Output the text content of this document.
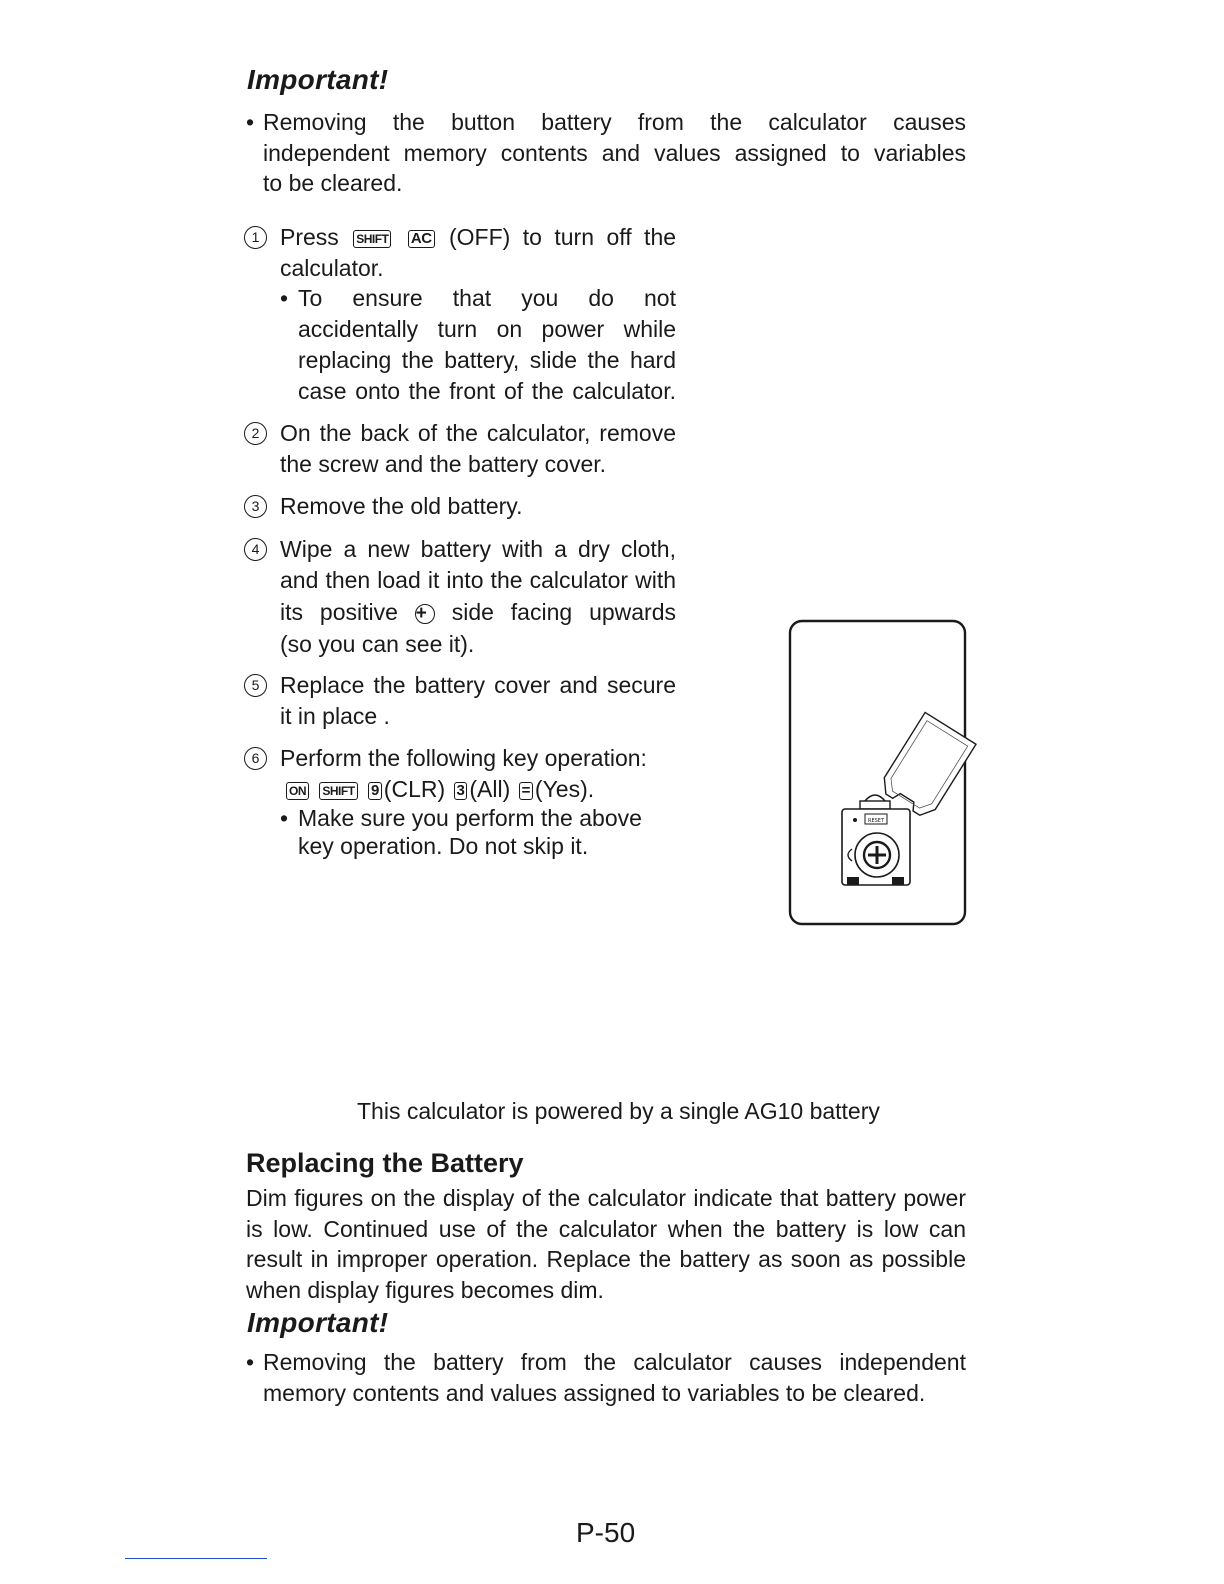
Important!
• Removing the button battery from the calculator causes
independent memory contents and values assigned to variables
to be cleared.
1 Press SHIFT AC (OFF) to turn off the
calculator.
• To ensure that you do not
accidentally turn on power while
replacing the battery, slide the hard
case onto the front of the calculator.
2 On the back of the calculator, remove
the screw and the battery cover.
3 Remove the old battery.
4 Wipe a new battery with a dry cloth,
and then load it into the calculator with
its positive + side facing upwards
(so you can see it).
5 Replace the battery cover and secure
it in place .
6 Perform the following key operation:
ON SHIFT 9 (CLR) 3 (All) = (Yes).
• Make sure you perform the above
key operation. Do not skip it.
RESET
This calculator is powered by a single AG10 battery
Replacing the Battery
Dim figures on the display of the calculator indicate that battery power
is low. Continued use of the calculator when the battery is low can
result in improper operation. Replace the battery as soon as possible
when display figures becomes dim.
Important!
• Removing the battery from the calculator causes independent
memory contents and values assigned to variables to be cleared.
P-50
